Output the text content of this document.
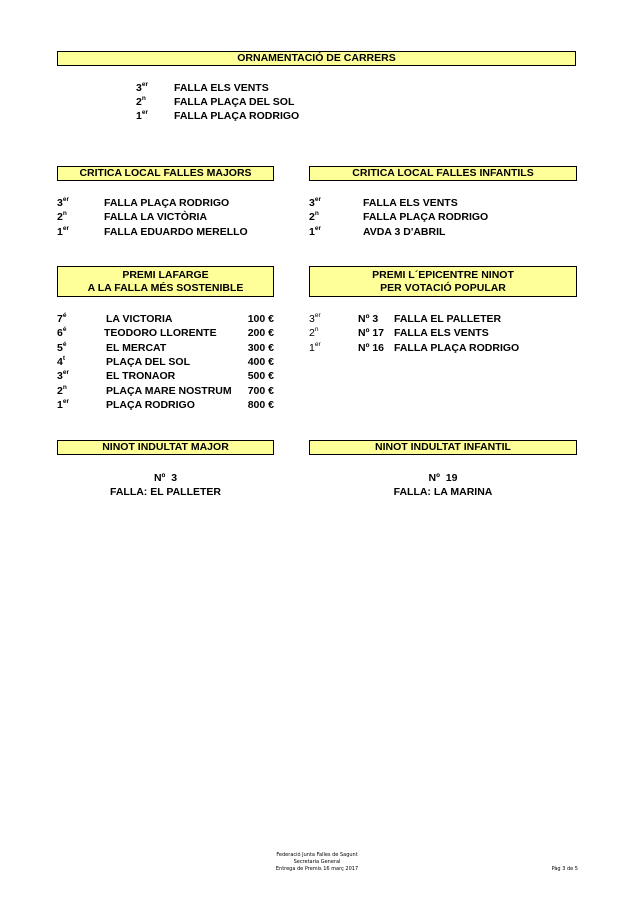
ORNAMENTACIÓ DE CARRERS
3er FALLA ELS VENTS
2$^n$	FALLA PLAÇA DEL SOL
1er FALLA PLAÇA RODRIGO
CRITICA LOCAL FALLES MAJORS
3er	FALLA PLAÇA RODRIGO
2$^n$	FALLA LA VICTÒRIA
1er	FALLA EDUARDO MERELLO
CRITICA LOCAL FALLES INFANTILS
3er	FALLA ELS VENTS
2$^n$	FALLA PLAÇA RODRIGO
1er	AVDA 3 D'ABRIL
PREMI LAFARGE
A LA FALLA MÉS SOSTENIBLE
$7^é$	LA VICTORIA	100 €
$6^é$	TEODORO LLORENTE	200 €
$5^é$	EL MERCAT	300 €
4$^t$	PLAÇA DEL SOL	400 €
3er	EL TRONAOR	500 €
2$^n$	PLAÇA MARE NOSTRUM	700 €
1er	PLAÇA RODRIGO	800 €
PREMI L´EPICENTRE NINOT
PER VOTACIÓ POPULAR
3er	Nº 3 FALLA EL PALLETER
2$^n$	Nº 17 FALLA ELS VENTS
1er	Nº 16 FALLA PLAÇA RODRIGO
NINOT INDULTAT MAJOR
Nº  3
FALLA: EL PALLETER
NINOT INDULTAT INFANTIL
Nº  19
FALLA: LA MARINA
Federació Junta Falles de Sagunt
Secretaria General
Entrega de Premis 16 març 2017	Pàg 3 de 5
